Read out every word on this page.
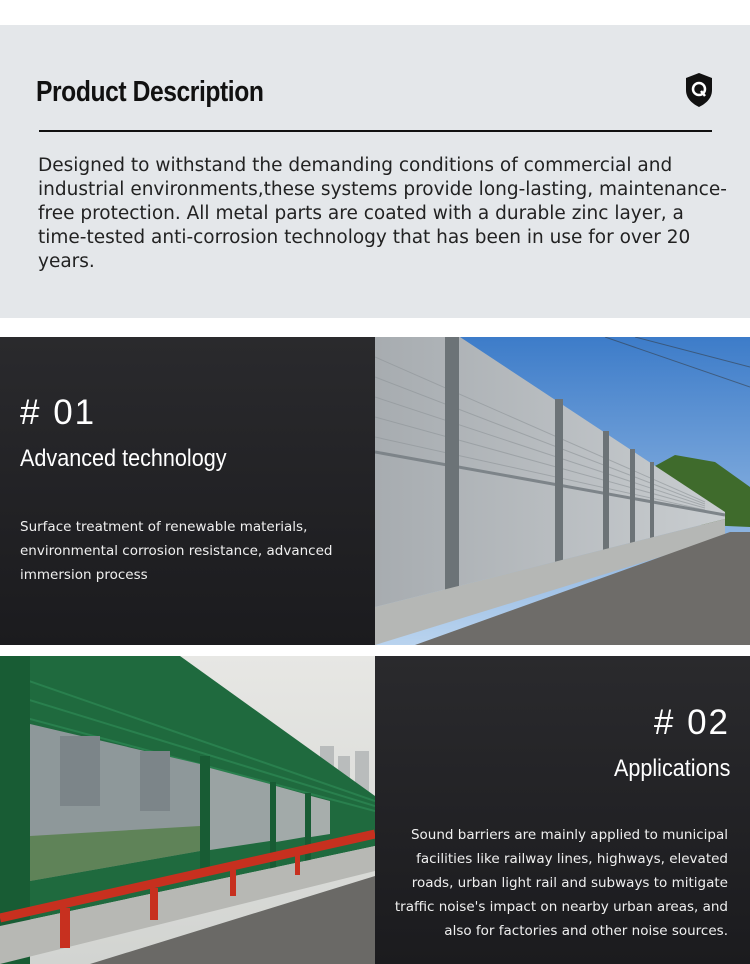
Product Description
Designed to withstand the demanding conditions of commercial and industrial environments,these systems provide long-lasting, maintenance-free protection. All metal parts are coated with a durable zinc layer, a time-tested anti-corrosion technology that has been in use for over 20 years.
# 01
Advanced technology
Surface treatment of renewable materials, environmental corrosion resistance, advanced immersion process
# 02
Applications
Sound barriers are mainly applied to municipal facilities like railway lines, highways, elevated roads, urban light rail and subways to mitigate traffic noise's impact on nearby urban areas, and also for factories and other noise sources.
